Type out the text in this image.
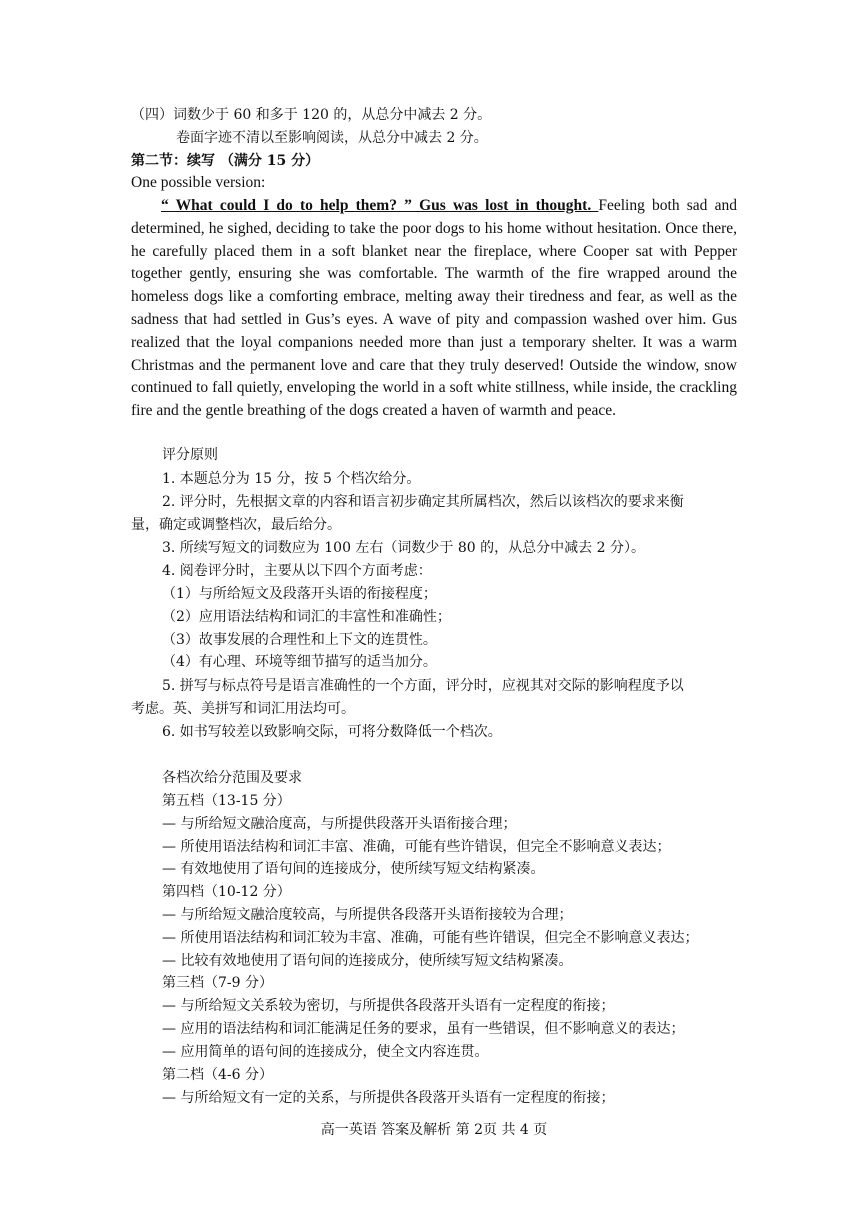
（四）词数少于 60 和多于 120 的，从总分中减去 2 分。
卷面字迹不清以至影响阅读，从总分中减去 2 分。
第二节：续写 （满分 15 分）
One possible version:

“ What could I do to help them? ” Gus was lost in thought. Feeling both sad and determined, he sighed, deciding to take the poor dogs to his home without hesitation. Once there, he carefully placed them in a soft blanket near the fireplace, where Cooper sat with Pepper together gently, ensuring she was comfortable. The warmth of the fire wrapped around the homeless dogs like a comforting embrace, melting away their tiredness and fear, as well as the sadness that had settled in Gus’s eyes. A wave of pity and compassion washed over him. Gus realized that the loyal companions needed more than just a temporary shelter. It was a warm Christmas and the permanent love and care that they truly deserved! Outside the window, snow continued to fall quietly, enveloping the world in a soft white stillness, while inside, the crackling fire and the gentle breathing of the dogs created a haven of warmth and peace.

评分原则
1. 本题总分为 15 分，按 5 个档次给分。
2. 评分时，先根据文章的内容和语言初步确定其所属档次，然后以该档次的要求来衡
量，确定或调整档次，最后给分。
3. 所续写短文的词数应为 100 左右（词数少于 80 的，从总分中减去 2 分）。
4. 阅卷评分时，主要从以下四个方面考虑：
（1）与所给短文及段落开头语的衔接程度；
（2）应用语法结构和词汇的丰富性和准确性；
（3）故事发展的合理性和上下文的连贯性。
（4）有心理、环境等细节描写的适当加分。
5. 拼写与标点符号是语言准确性的一个方面，评分时，应视其对交际的影响程度予以
考虑。英、美拼写和词汇用法均可。
6. 如书写较差以致影响交际，可将分数降低一个档次。
各档次给分范围及要求
第五档（13-15 分）
— 与所给短文融洽度高，与所提供段落开头语衔接合理；
— 所使用语法结构和词汇丰富、准确，可能有些许错误，但完全不影响意义表达；
— 有效地使用了语句间的连接成分，使所续写短文结构紧凑。
第四档（10-12 分）
— 与所给短文融洽度较高，与所提供各段落开头语衔接较为合理；
— 所使用语法结构和词汇较为丰富、准确，可能有些许错误，但完全不影响意义表达；
— 比较有效地使用了语句间的连接成分，使所续写短文结构紧凑。
第三档（7-9 分）
— 与所给短文关系较为密切，与所提供各段落开头语有一定程度的衔接；
— 应用的语法结构和词汇能满足任务的要求，虽有一些错误，但不影响意义的表达；
— 应用简单的语句间的连接成分，使全文内容连贯。
第二档（4-6 分）
— 与所给短文有一定的关系，与所提供各段落开头语有一定程度的衔接；
高一英语 答案及解析 第 2页 共 4 页
